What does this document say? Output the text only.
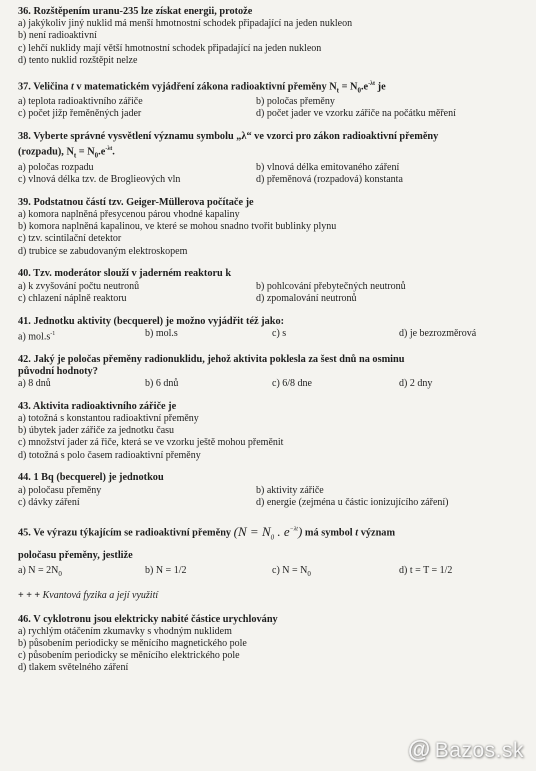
36. Rozštěpením uranu-235 lze získat energii, protože
a) jakýkoliv jiný nuklid má menší hmotnostní schodek připadající na jeden nukleon
b) není radioaktivní
c) lehčí nuklidy mají větší hmotnostní schodek připadající na jeden nukleon
d) tento nuklid rozštěpit nelze
37. Veličina t v matematickém vyjádření zákona radioaktivní přeměny $N_t = N_0.e^{-\lambda t}$ je
a) teplota radioaktivního zářiče	b) poločas přeměny
c) počet jižp řeměněných jader	d) počet jader ve vzorku zářiče na počátku měření
38. Vyberte správné vysvětlení významu symbolu „λ“ ve vzorci pro zákon radioaktivní přeměny
(rozpadu), $N_t = N_0.e^{-\lambda t}$.
a) poločas rozpadu	b) vlnová délka emitovaného záření
c) vlnová délka tzv. de Broglieových vln	d) přeměnová (rozpadová) konstanta
39. Podstatnou částí tzv. Geiger-Müllerova počítače je
a) komora naplněná přesycenou párou vhodné kapaliny
b) komora naplněná kapalinou, ve které se mohou snadno tvořit bublinky plynu
c) tzv. scintilační detektor
d) trubice se zabudovaným elektroskopem
40. Tzv. moderátor slouží v jaderném reaktoru k
a) k zvyšování počtu neutronů	b) pohlcování přebytečných neutronů
c) chlazení náplně reaktoru	d) zpomalování neutronů
41. Jednotku aktivity (becquerel) je možno vyjádřit též jako:
a) $mol.s^{-1}$	b) mol.s	c) s	d) je bezrozměrová
42. Jaký je poločas přeměny radionuklidu, jehož aktivita poklesla za šest dnů na osminu
původní hodnoty?
a) 8 dnů	b) 6 dnů	c) 6/8 dne	d) 2 dny
43. Aktivita radioaktivního zářiče je
a) totožná s konstantou radioaktivní přeměny
b) úbytek jader zářiče za jednotku času
c) množství jader zá řiče, která se ve vzorku ještě mohou přeměnit
d) totožná s polo časem radioaktivní přeměny
44. 1 Bq (becquerel) je jednotkou
a) poločasu přeměny	b) aktivity zářiče
c) dávky záření	d) energie (zejména u částic ionizujícího záření)
45. Ve výrazu týkajícím se radioaktivní přeměny ($N = N_0$ . $e^{-\lambda t}$) má symbol t význam
poločasu přeměny, jestliže
a) $N = 2N_0$	b) N = 1/2	c) $N = N_0$	d) t = T = 1/2
+ + + Kvantová fyzika a její využití
46. V cyklotronu jsou elektricky nabité částice urychlovány
a) rychlým otáčením zkumavky s vhodným nuklidem
b) působením periodicky se měnícího magnetického pole
c) působením periodicky se měnícího elektrického pole
d) tlakem světelného záření
@ Bazos.sk
